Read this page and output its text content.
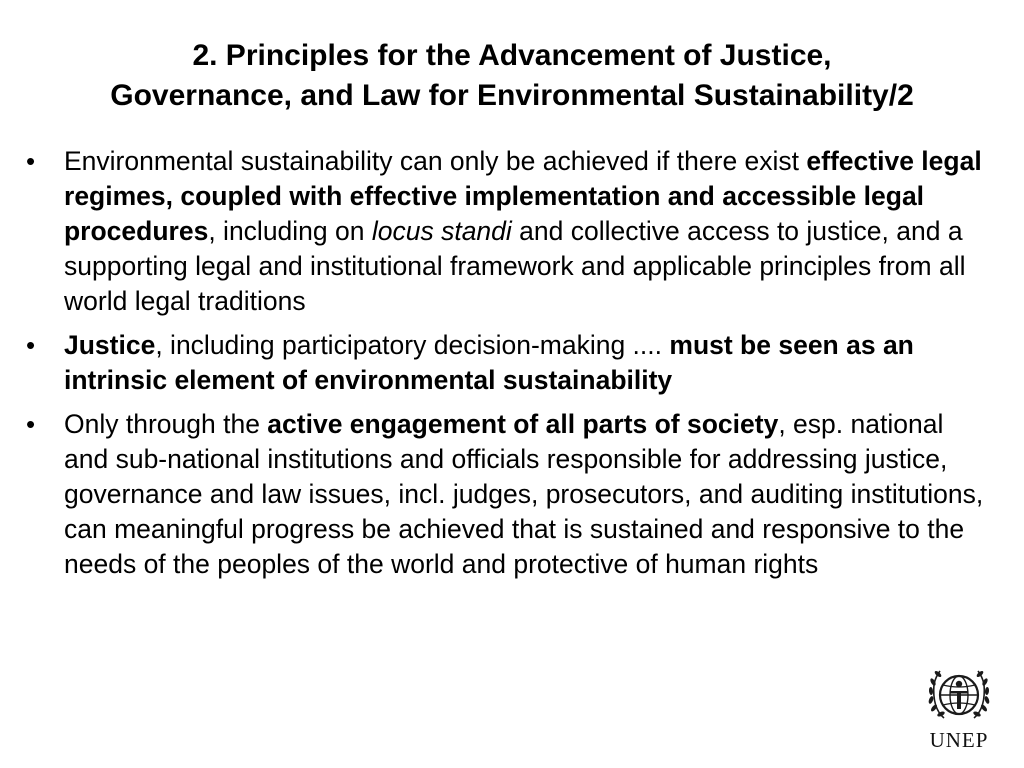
2. Principles for the Advancement of Justice,
Governance, and Law for Environmental Sustainability/2
• Environmental sustainability can only be achieved if there exist effective legal regimes, coupled with effective implementation and accessible legal procedures, including on locus standi and collective access to justice, and a supporting legal and institutional framework and applicable principles from all world legal traditions
• Justice, including participatory decision-making .... must be seen as an intrinsic element of environmental sustainability
• Only through the active engagement of all parts of society, esp. national and sub-national institutions and officials responsible for addressing justice, governance and law issues, incl. judges, prosecutors, and auditing institutions, can meaningful progress be achieved that is sustained and responsive to the needs of the peoples of the world and protective of human rights
UNEP
